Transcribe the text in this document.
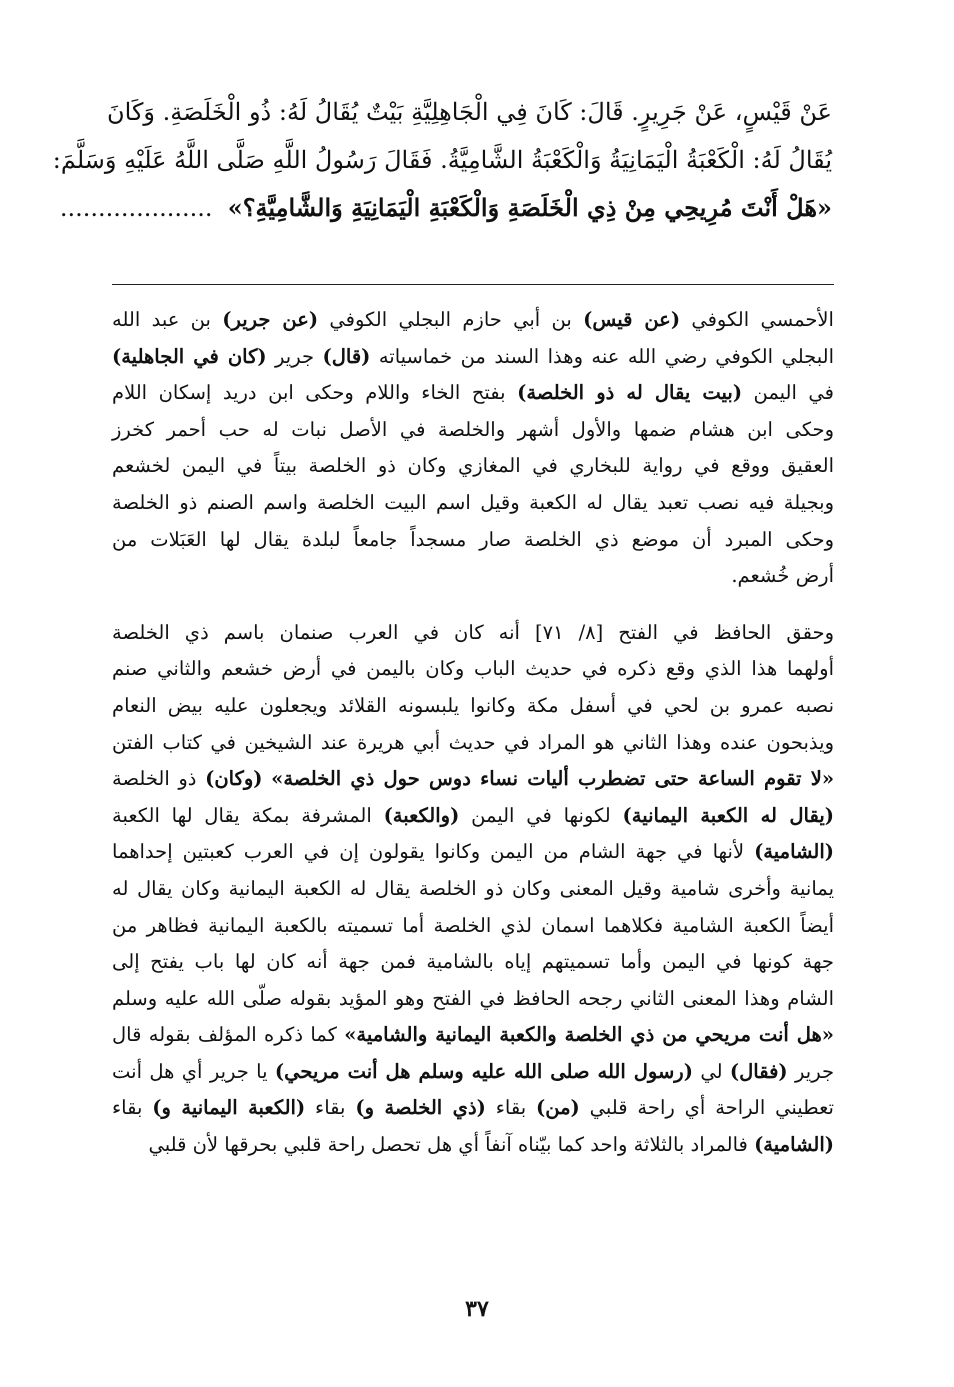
عَنْ قَيْسٍ، عَنْ جَرِيرٍ. قَالَ: كَانَ فِي الْجَاهِلِيَّةِ بَيْتٌ يُقَالُ لَهُ: ذُو الْخَلَصَةِ. وَكَانَ
يُقَالُ لَهُ: الْكَعْبَةُ الْيَمَانِيَةُ وَالْكَعْبَةُ الشَّامِيَّةُ. فَقَالَ رَسُولُ اللَّهِ صَلَّى اللَّهُ عَلَيْهِ وَسَلَّمَ:
«هَلْ أَنْتَ مُرِيحِي مِنْ ذِي الْخَلَصَةِ وَالْكَعْبَةِ الْيَمَانِيَةِ وَالشَّامِيَّةِ؟»  ....................
الأحمسي الكوفي (عن قيس) بن أبي حازم البجلي الكوفي (عن جرير) بن عبد الله
البجلي الكوفي رضي الله عنه وهذا السند من خماسياته (قال) جرير (كان في الجاهلية)
في اليمن (بيت يقال له ذو الخلصة) بفتح الخاء واللام وحكى ابن دريد إسكان اللام
وحكى ابن هشام ضمها والأول أشهر والخلصة في الأصل نبات له حب أحمر كخرز
العقيق ووقع في رواية للبخاري في المغازي وكان ذو الخلصة بيتاً في اليمن لخشعم
وبجيلة فيه نصب تعبد يقال له الكعبة وقيل اسم البيت الخلصة واسم الصنم ذو الخلصة
وحكى المبرد أن موضع ذي الخلصة صار مسجداً جامعاً لبلدة يقال لها العَبَلات من
أرض خُشعم.
وحقق الحافظ في الفتح [٨/ ٧١] أنه كان في العرب صنمان باسم ذي الخلصة
أولهما هذا الذي وقع ذكره في حديث الباب وكان باليمن في أرض خشعم والثاني صنم
نصبه عمرو بن لحي في أسفل مكة وكانوا يلبسونه القلائد ويجعلون عليه بيض النعام
ويذبحون عنده وهذا الثاني هو المراد في حديث أبي هريرة عند الشيخين في كتاب الفتن
«لا تقوم الساعة حتى تضطرب أليات نساء دوس حول ذي الخلصة» (وكان) ذو الخلصة
(يقال له الكعبة اليمانية) لكونها في اليمن (والكعبة) المشرفة بمكة يقال لها الكعبة
(الشامية) لأنها في جهة الشام من اليمن وكانوا يقولون إن في العرب كعبتين إحداهما
يمانية وأخرى شامية وقيل المعنى وكان ذو الخلصة يقال له الكعبة اليمانية وكان يقال له
أيضاً الكعبة الشامية فكلاهما اسمان لذي الخلصة أما تسميته بالكعبة اليمانية فظاهر من
جهة كونها في اليمن وأما تسميتهم إياه بالشامية فمن جهة أنه كان لها باب يفتح إلى
الشام وهذا المعنى الثاني رجحه الحافظ في الفتح وهو المؤيد بقوله صلّى الله عليه وسلم
«هل أنت مريحي من ذي الخلصة والكعبة اليمانية والشامية» كما ذكره المؤلف بقوله قال
جرير (فقال) لي (رسول الله صلى الله عليه وسلم هل أنت مريحي) يا جرير أي هل أنت
تعطيني الراحة أي راحة قلبي (من) بقاء (ذي الخلصة و) بقاء (الكعبة اليمانية و) بقاء
(الشامية) فالمراد بالثلاثة واحد كما بيّناه آنفاً أي هل تحصل راحة قلبي بحرقها لأن قلبي
٣٧
